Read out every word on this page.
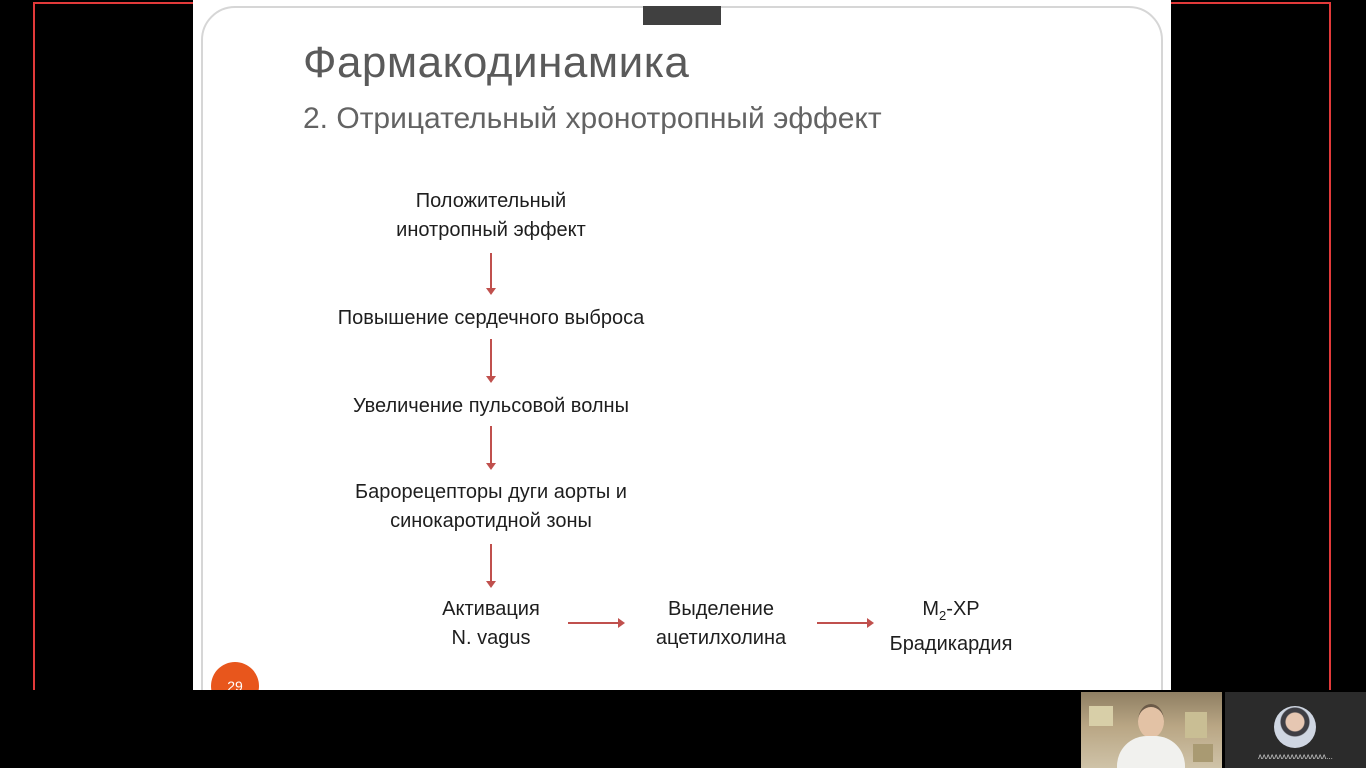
Фармакодинамика
2. Отрицательный хронотропный эффект
Положительный
инотропный эффект
Повышение сердечного выброса
Увеличение пульсовой волны
Барорецепторы дуги аорты и
синокаротидной зоны
Активация
N. vagus
Выделение
ацетилхолина
$М_2-ХР$
Брадикардия
29
ᴧᴧᴧᴧᴧᴧᴧᴧᴧᴧᴧᴧᴧᴧᴧᴧᴧ...
